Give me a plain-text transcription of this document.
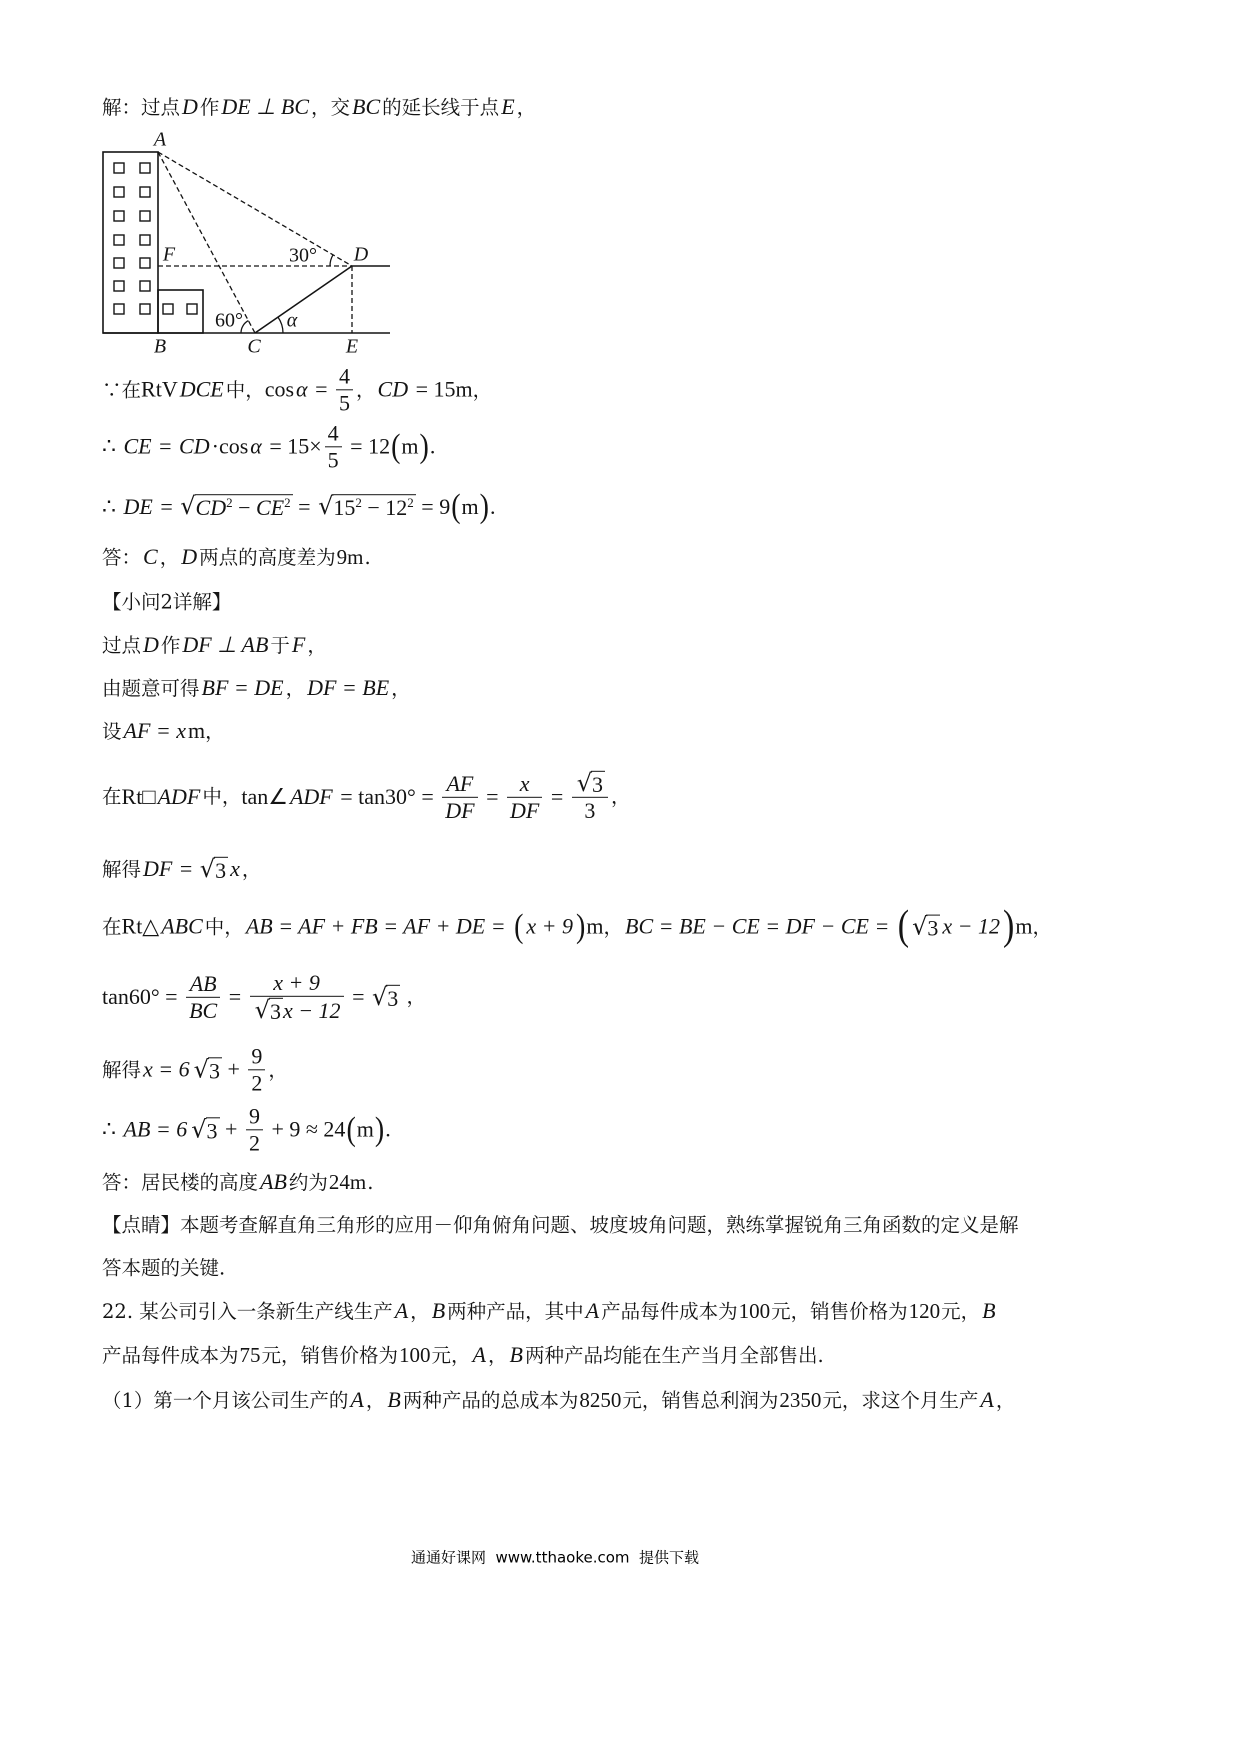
解：过点 D 作 DE ⊥ BC ，交 BC 的延长线于点 E ，
A
F	30° D
60° α
B	C	E
∵在 Rt V DCE 中， $\cos \alpha = \frac{4}{5}$ ， CD = 15m ，
∴ CE = CD · $\cos \alpha = 15\times \frac{4}{5} = 12$ ( m ) .
∴ DE = √ $CD^2 - CE^2$ = √ $15^2 - 12^2 = 9$ ( m ) .
答： C ， D 两点的高度差为 9m .
【小问2详解】
过点 D 作 DF ⊥ AB 于 F ，
由题意可得 BF = DE ， DF = BE ，
设 AF = x m ，
在 Rt□ ADF 中， tan∠ ADF = $\tan 30^\circ = \frac{AF}{DF} = \frac{x}{DF} = \frac{√ 3}{3}$ ，
解得 DF = √ 3 x ，
在 Rt△ ABC 中， AB = AF + FB = AF + DE = ( x + 9 ) m ， BC = BE − CE = DF − CE = ( √ 3 x − 12 ) m ，
$\tan 60^\circ = \frac{AB}{BC} = \frac{x + 9}{√ 3 x - 12}$ = √ 3 ，
解得 x = 6 √ $3 + \frac{9}{2}$ ，
∴ AB = 6 √ $3 + \frac{9}{2} + 9 \approx 24$ ( m ) .
答：居民楼的高度 AB 约为 24m .
【点睛】本题考查解直角三角形的应用－仰角俯角问题、坡度坡角问题，熟练掌握锐角三角函数的定义是解
答本题的关键.
22. 某公司引入一条新生产线生产 A ， B 两种产品，其中 A 产品每件成本为 100 元，销售价格为 120 元， B
产品每件成本为 75 元，销售价格为 100 元， A ， B 两种产品均能在生产当月全部售出.
（1）第一个月该公司生产的 A ， B 两种产品的总成本为 8250 元，销售总利润为 2350 元，求这个月生产 A ，
通通好课网  www.tthaoke.com  提供下载
